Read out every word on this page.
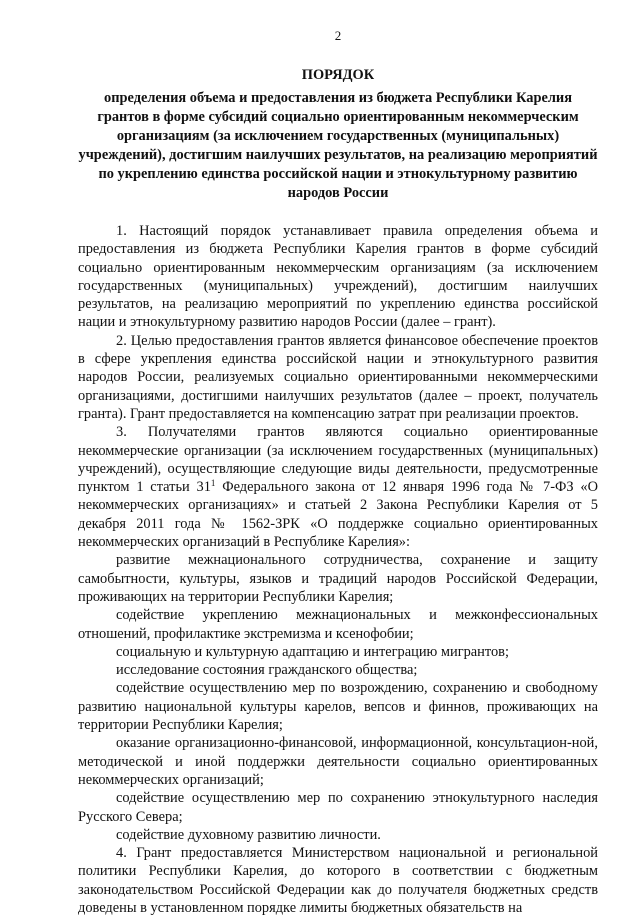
2
ПОРЯДОК
определения объема и предоставления из бюджета Республики Карелия грантов в форме субсидий социально ориентированным некоммерческим организациям (за исключением государственных (муниципальных) учреждений), достигшим наилучших результатов, на реализацию мероприятий по укреплению единства российской нации и этнокультурному развитию народов России

1. Настоящий порядок устанавливает правила определения объема и предоставления из бюджета Республики Карелия грантов в форме субсидий социально ориентированным некоммерческим организациям (за исключением государственных (муниципальных) учреждений), достигшим наилучших результатов, на реализацию мероприятий по укреплению единства российской нации и этнокультурному развитию народов России (далее – грант).

2. Целью предоставления грантов является финансовое обеспечение проектов в сфере укрепления единства российской нации и этнокультурного развития народов России, реализуемых социально ориентированными некоммерческими организациями, достигшими наилучших результатов (далее – проект, получатель гранта). Грант предоставляется на компенсацию затрат при реализации проектов.

3. Получателями грантов являются социально ориентированные некоммерческие организации (за исключением государственных (муниципальных) учреждений), осуществляющие следующие виды деятельности, предусмотренные пунктом 1 статьи $31^1$ Федерального закона от 12 января 1996 года № 7-ФЗ «О некоммерческих организациях» и статьей 2 Закона Республики Карелия от 5 декабря 2011 года № 1562-ЗРК «О поддержке социально ориентированных некоммерческих организаций в Республике Карелия»:

развитие межнационального сотрудничества, сохранение и защиту самобытности, культуры, языков и традиций народов Российской Федерации, проживающих на территории Республики Карелия;

содействие укреплению межнациональных и межконфессиональных отношений, профилактике экстремизма и ксенофобии;

социальную и культурную адаптацию и интеграцию мигрантов;

исследование состояния гражданского общества;

содействие осуществлению мер по возрождению, сохранению и свободному развитию национальной культуры карелов, вепсов и финнов, проживающих на территории Республики Карелия;

оказание организационно-финансовой, информационной, консультацион-ной, методической и иной поддержки деятельности социально ориентированных некоммерческих организаций;

содействие осуществлению мер по сохранению этнокультурного наследия Русского Севера;

содействие духовному развитию личности.

4. Грант предоставляется Министерством национальной и региональной политики Республики Карелия, до которого в соответствии с бюджетным законодательством Российской Федерации как до получателя бюджетных средств доведены в установленном порядке лимиты бюджетных обязательств на
